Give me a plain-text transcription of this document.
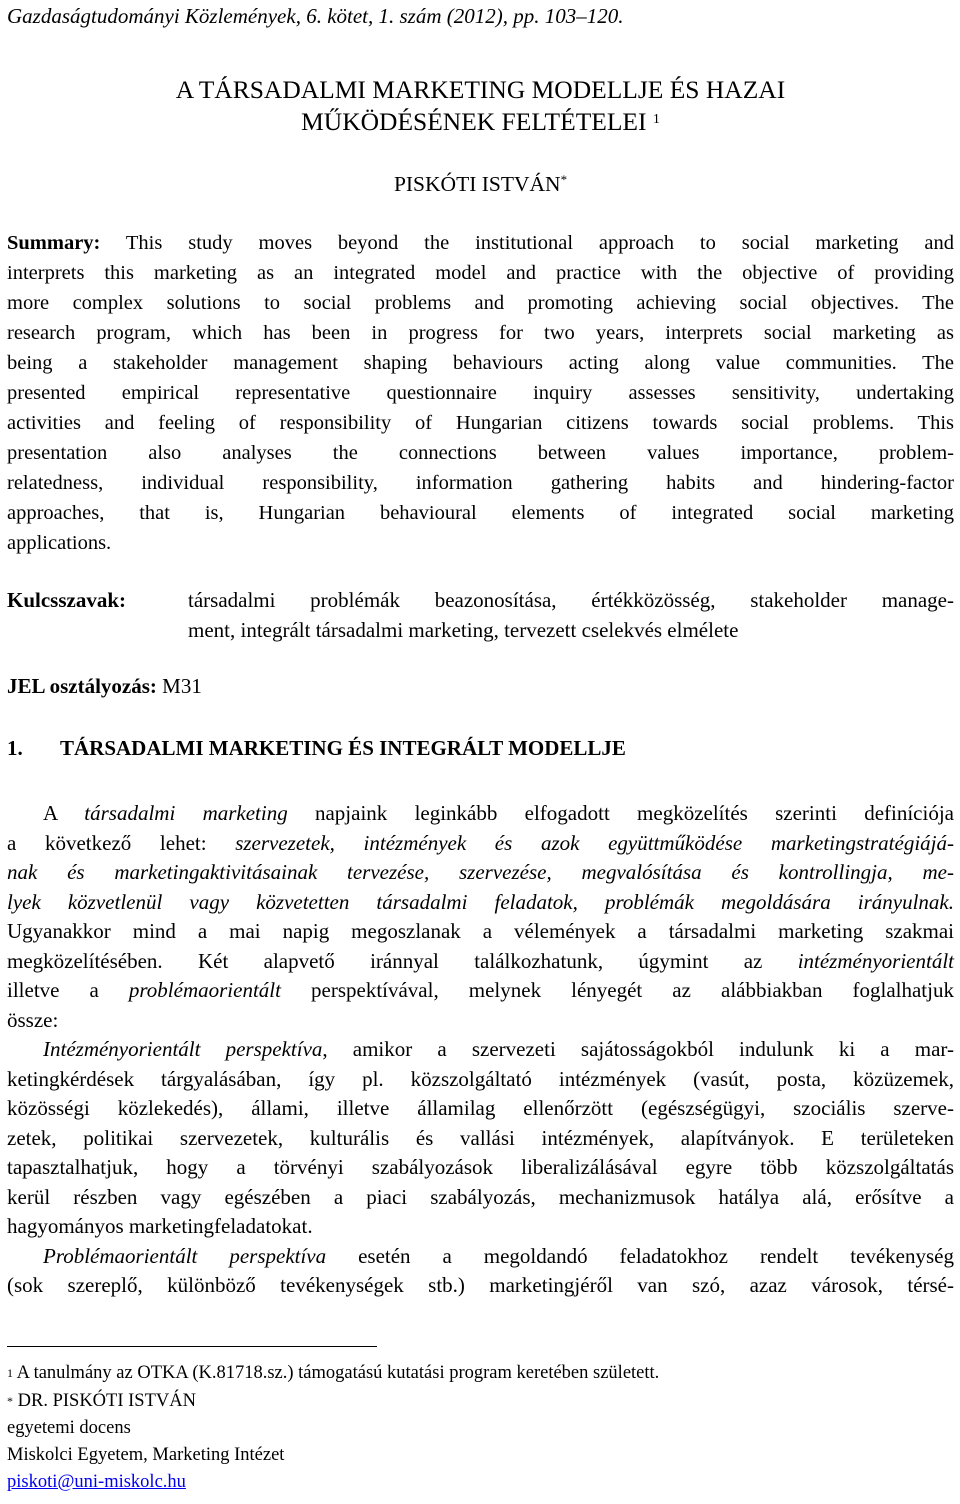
Gazdaságtudományi Közlemények, 6. kötet, 1. szám (2012), pp. 103–120.
A TÁRSADALMI MARKETING MODELLJE ÉS HAZAI
MŰKÖDÉSÉNEK FELTÉTELEI $^1$
PISKÓTI ISTVÁN*
Summary: This study moves beyond the institutional approach to social marketing and
interprets this marketing as an integrated model and practice with the objective of providing
more complex solutions to social problems and promoting achieving social objectives. The
research program, which has been in progress for two years, interprets social marketing as
being a stakeholder management shaping behaviours acting along value communities. The
presented empirical representative questionnaire inquiry assesses sensitivity, undertaking
activities and feeling of responsibility of Hungarian citizens towards social problems. This
presentation also analyses the connections between values importance, problem-
relatedness, individual responsibility, information gathering habits and hindering-factor
approaches, that is, Hungarian behavioural elements of integrated social marketing
applications.
Kulcsszavak:	társadalmi problémák beazonosítása, értékközösség, stakeholder manage-
ment, integrált társadalmi marketing, tervezett cselekvés elmélete
JEL osztályozás: M31
1. TÁRSADALMI MARKETING ÉS INTEGRÁLT MODELLJE
A társadalmi marketing napjaink leginkább elfogadott megközelítés szerinti definíciója
a következő lehet: szervezetek, intézmények és azok együttműködése marketingstratégiájá-
nak és marketingaktivitásainak tervezése, szervezése, megvalósítása és kontrollingja, me-
lyek közvetlenül vagy közvetetten társadalmi feladatok, problémák megoldására irányulnak.
Ugyanakkor mind a mai napig megoszlanak a vélemények a társadalmi marketing szakmai
megközelítésében. Két alapvető iránnyal találkozhatunk, úgymint az intézményorientált
illetve a problémaorientált perspektívával, melynek lényegét az alábbiakban foglalhatjuk
össze:
Intézményorientált perspektíva, amikor a szervezeti sajátosságokból indulunk ki a mar-
ketingkérdések tárgyalásában, így pl. közszolgáltató intézmények (vasút, posta, közüzemek,
közösségi közlekedés), állami, illetve államilag ellenőrzött (egészségügyi, szociális szerve-
zetek, politikai szervezetek, kulturális és vallási intézmények, alapítványok. E területeken
tapasztalhatjuk, hogy a törvényi szabályozások liberalizálásával egyre több közszolgáltatás
kerül részben vagy egészében a piaci szabályozás, mechanizmusok hatálya alá, erősítve a
hagyományos marketingfeladatokat.
Problémaorientált perspektíva esetén a megoldandó feladatokhoz rendelt tevékenység
(sok szereplő, különböző tevékenységek stb.) marketingjéről van szó, azaz városok, térsé-
$^1$ A tanulmány az OTKA (K.81718.sz.) támogatású kutatási program keretében született.
* DR. PISKÓTI ISTVÁN
egyetemi docens
Miskolci Egyetem, Marketing Intézet
piskoti@uni-miskolc.hu
